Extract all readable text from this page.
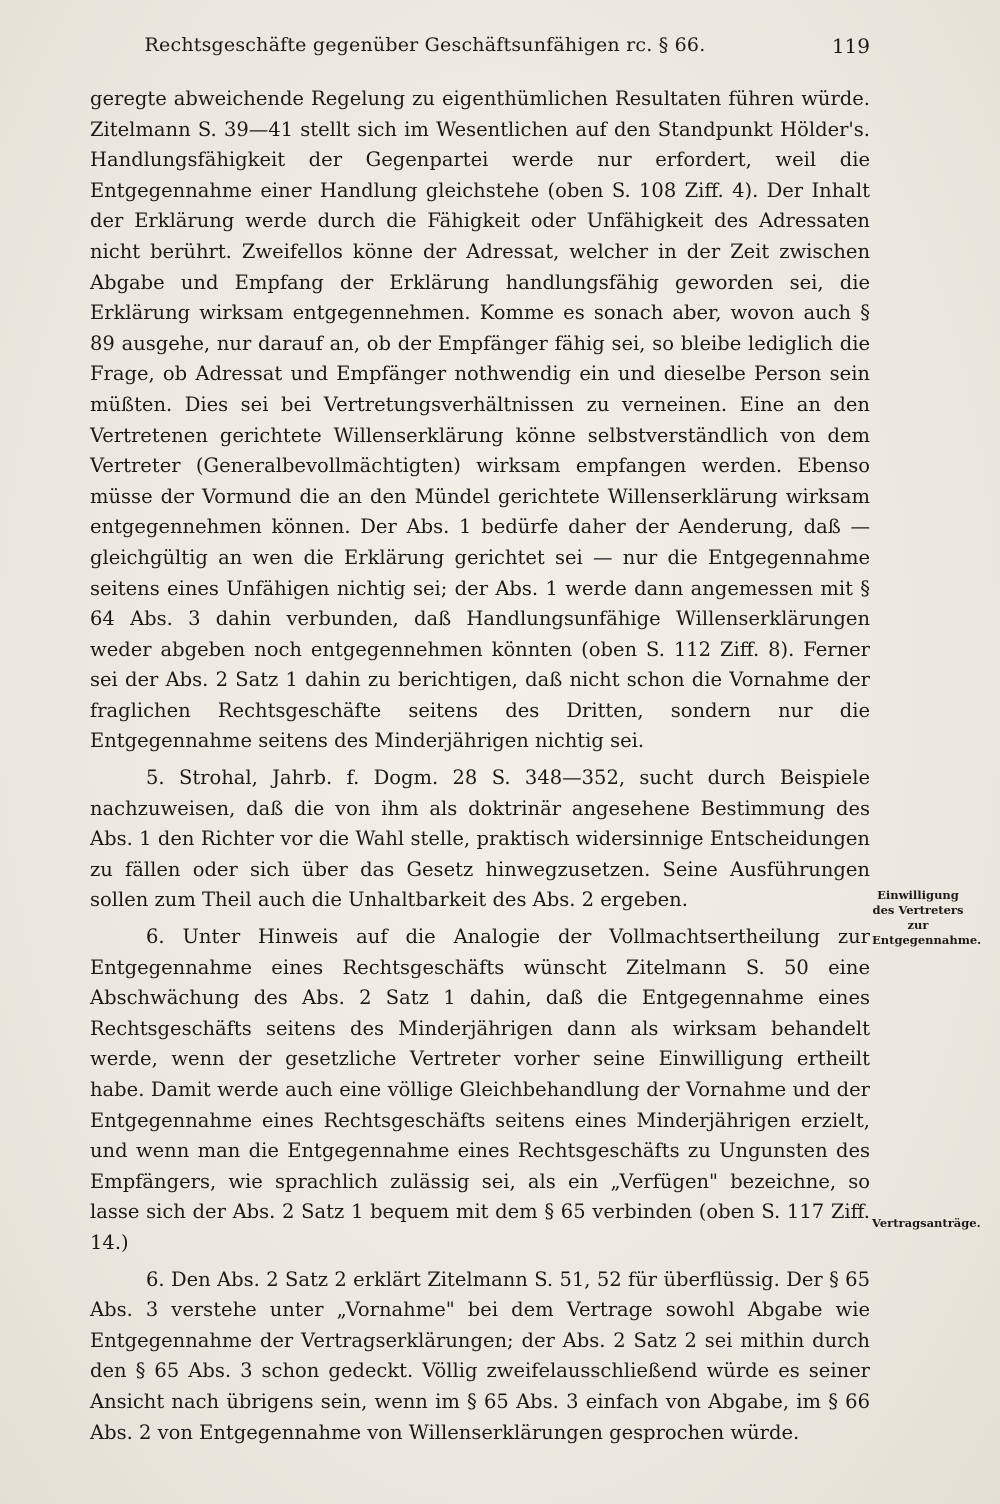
Rechtsgeschäfte gegenüber Geschäftsunfähigen rc. § 66.	119

geregte abweichende Regelung zu eigenthümlichen Resultaten führen würde. Zitelmann S. 39—41 stellt sich im Wesentlichen auf den Standpunkt Hölder's. Handlungsfähigkeit der Gegenpartei werde nur erfordert, weil die Entgegennahme einer Handlung gleichstehe (oben S. 108 Ziff. 4). Der Inhalt der Erklärung werde durch die Fähigkeit oder Unfähigkeit des Adressaten nicht berührt. Zweifellos könne der Adressat, welcher in der Zeit zwischen Abgabe und Empfang der Erklärung handlungsfähig geworden sei, die Erklärung wirksam entgegennehmen. Komme es sonach aber, wovon auch § 89 ausgehe, nur darauf an, ob der Empfänger fähig sei, so bleibe lediglich die Frage, ob Adressat und Empfänger nothwendig ein und dieselbe Person sein müßten. Dies sei bei Vertretungsverhältnissen zu verneinen. Eine an den Vertretenen gerichtete Willenserklärung könne selbstverständlich von dem Vertreter (Generalbevollmächtigten) wirksam empfangen werden. Ebenso müsse der Vormund die an den Mündel gerichtete Willenserklärung wirksam entgegennehmen können. Der Abs. 1 bedürfe daher der Aenderung, daß — gleichgültig an wen die Erklärung gerichtet sei — nur die Entgegennahme seitens eines Unfähigen nichtig sei; der Abs. 1 werde dann angemessen mit § 64 Abs. 3 dahin verbunden, daß Handlungsunfähige Willenserklärungen weder abgeben noch entgegennehmen könnten (oben S. 112 Ziff. 8). Ferner sei der Abs. 2 Satz 1 dahin zu berichtigen, daß nicht schon die Vornahme der fraglichen Rechtsgeschäfte seitens des Dritten, sondern nur die Entgegennahme seitens des Minderjährigen nichtig sei.

5. Strohal, Jahrb. f. Dogm. 28 S. 348—352, sucht durch Beispiele nachzuweisen, daß die von ihm als doktrinär angesehene Bestimmung des Abs. 1 den Richter vor die Wahl stelle, praktisch widersinnige Entscheidungen zu fällen oder sich über das Gesetz hinwegzusetzen. Seine Ausführungen sollen zum Theil auch die Unhaltbarkeit des Abs. 2 ergeben.

6. Unter Hinweis auf die Analogie der Vollmachtsertheilung zur Entgegennahme eines Rechtsgeschäfts wünscht Zitelmann S. 50 eine Abschwächung des Abs. 2 Satz 1 dahin, daß die Entgegennahme eines Rechtsgeschäfts seitens des Minderjährigen dann als wirksam behandelt werde, wenn der gesetzliche Vertreter vorher seine Einwilligung ertheilt habe. Damit werde auch eine völlige Gleichbehandlung der Vornahme und der Entgegennahme eines Rechtsgeschäfts seitens eines Minderjährigen erzielt, und wenn man die Entgegennahme eines Rechtsgeschäfts zu Ungunsten des Empfängers, wie sprachlich zulässig sei, als ein „Verfügen" bezeichne, so lasse sich der Abs. 2 Satz 1 bequem mit dem § 65 verbinden (oben S. 117 Ziff. 14.)

6. Den Abs. 2 Satz 2 erklärt Zitelmann S. 51, 52 für überflüssig. Der § 65 Abs. 3 verstehe unter „Vornahme" bei dem Vertrage sowohl Abgabe wie Entgegennahme der Vertragserklärungen; der Abs. 2 Satz 2 sei mithin durch den § 65 Abs. 3 schon gedeckt. Völlig zweifelausschließend würde es seiner Ansicht nach übrigens sein, wenn im § 65 Abs. 3 einfach von Abgabe, im § 66 Abs. 2 von Entgegennahme von Willenserklärungen gesprochen würde.

Einwilligung des Vertreters zur Entgegennahme.
Vertragsanträge.
